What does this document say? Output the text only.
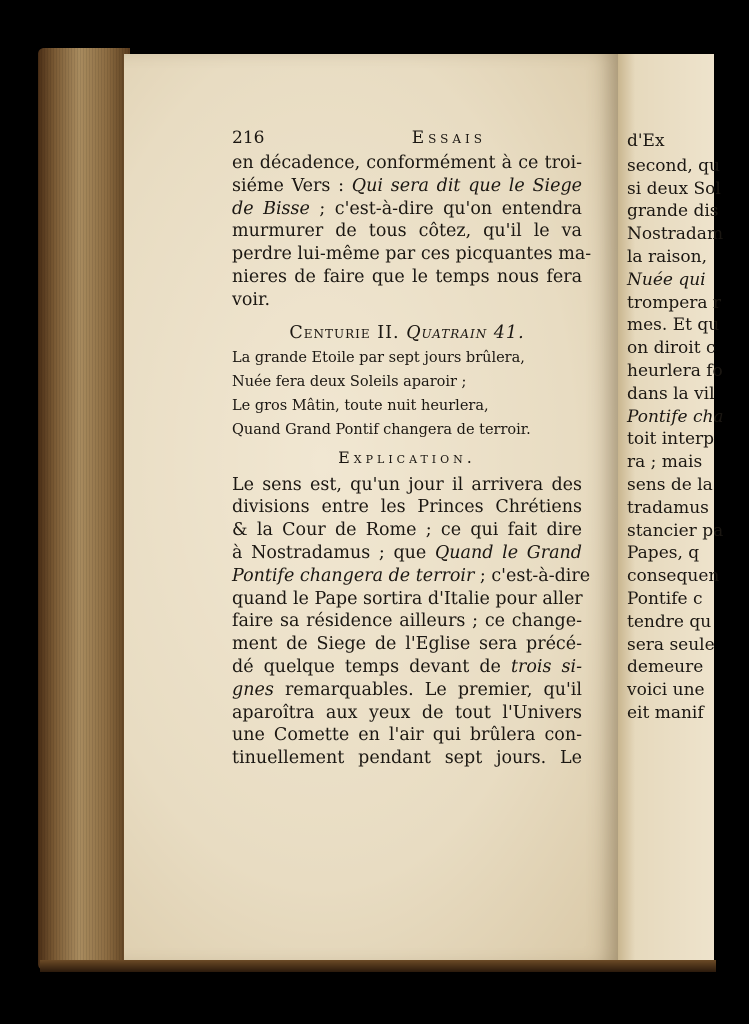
216	Essais
en décadence, conformément à ce troi-
siéme Vers : Qui sera dit que le Siege
de Bisse ; c'est-à-dire qu'on entendra
murmurer de tous côtez, qu'il le va
perdre lui-même par ces picquantes ma-
nieres de faire que le temps nous fera
voir.
Centurie II. Quatrain 41.
La grande Etoile par sept jours brûlera,
Nuée fera deux Soleils aparoir ;
Le gros Mâtin, toute nuit heurlera,
Quand Grand Pontif changera de terroir.
Explication.
Le sens est, qu'un jour il arrivera des
divisions entre les Princes Chrétiens
& la Cour de Rome ; ce qui fait dire
à Nostradamus ; que Quand le Grand
Pontife changera de terroir ; c'est-à-dire
quand le Pape sortira d'Italie pour aller
faire sa résidence ailleurs ; ce change-
ment de Siege de l'Eglise sera précé-
dé quelque temps devant de trois si-
gnes remarquables. Le premier, qu'il
aparoîtra aux yeux de tout l'Univers
une Comette en l'air qui brûlera con-
tinuellement pendant sept jours. Le
d'Ex
second, qu
si deux Sol
grande dis
Nostradam
la raison,
Nuée qui
trompera r
mes. Et qu
on diroit c
heurlera fo
dans la vil
Pontife cha
toit interp
ra ; mais
sens de la
tradamus
stancier pa
Papes, q
consequen
Pontife c
tendre qu
sera seule
demeure
voici une
eit manif
